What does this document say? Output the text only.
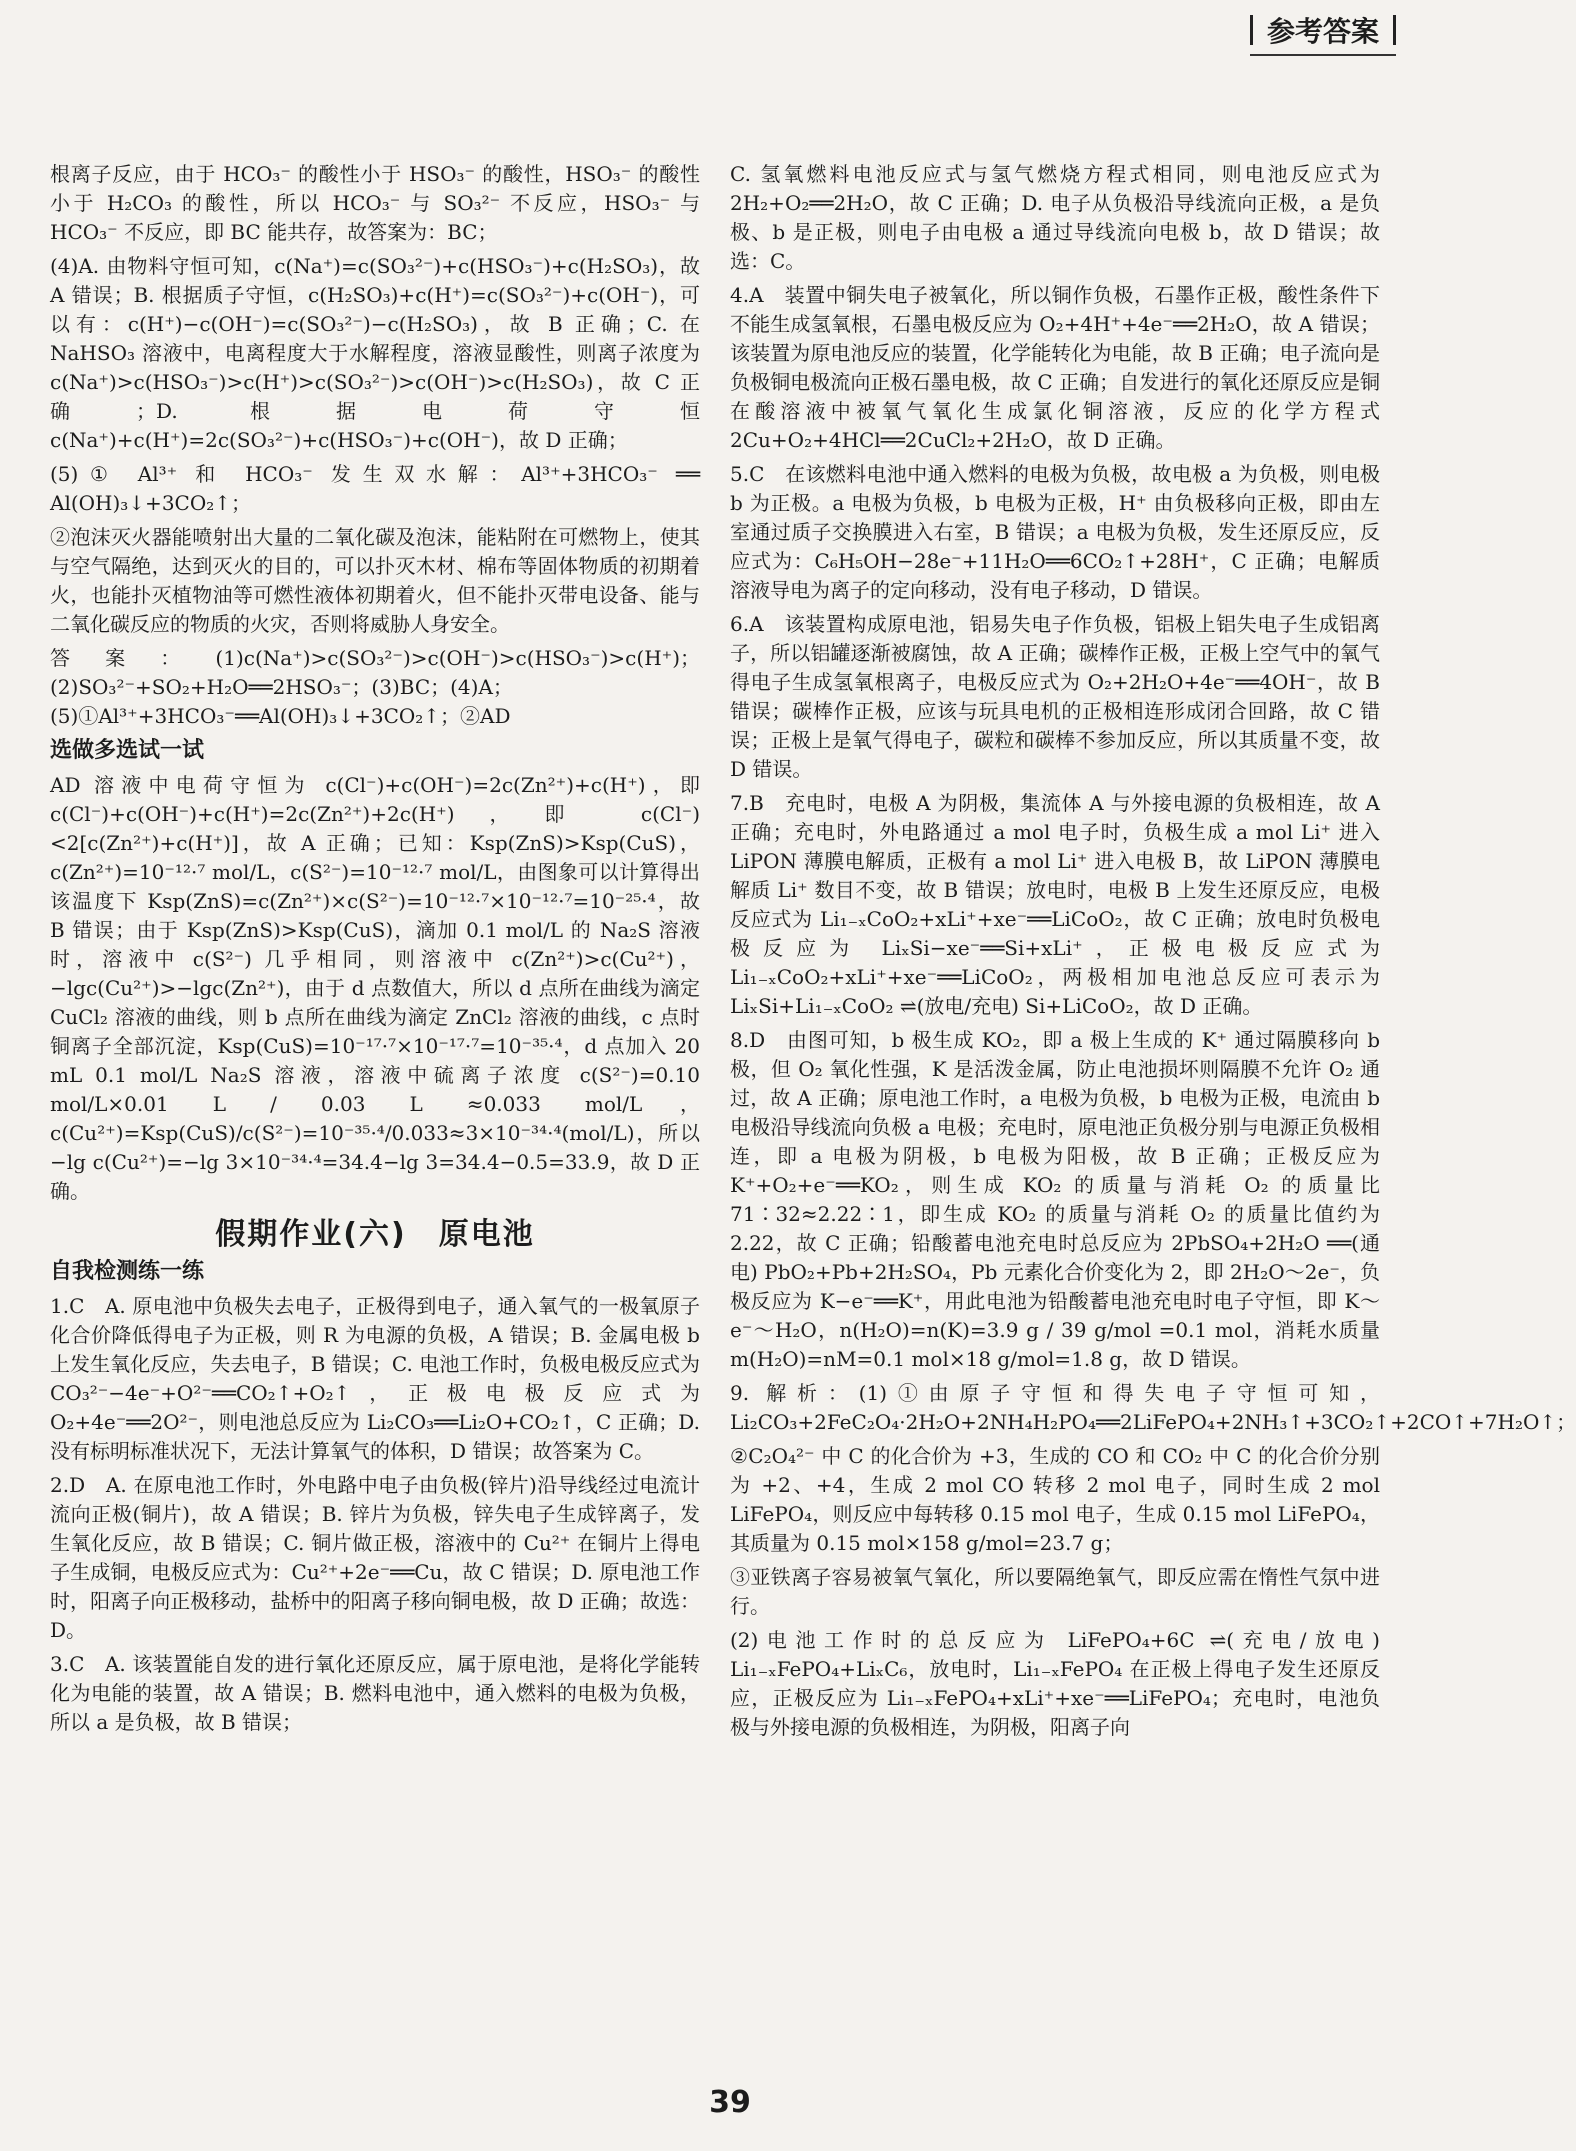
参考答案

根离子反应，由于 HCO₃⁻ 的酸性小于 HSO₃⁻ 的酸性，HSO₃⁻ 的酸性小于 H₂CO₃ 的酸性，所以 HCO₃⁻ 与 SO₃²⁻ 不反应，HSO₃⁻ 与 HCO₃⁻ 不反应，即 BC 能共存，故答案为：BC；

(4)A. 由物料守恒可知，c(Na⁺)=c(SO₃²⁻)+c(HSO₃⁻)+c(H₂SO₃)，故 A 错误；B. 根据质子守恒，c(H₂SO₃)+c(H⁺)=c(SO₃²⁻)+c(OH⁻)，可以有：c(H⁺)−c(OH⁻)=c(SO₃²⁻)−c(H₂SO₃)，故 B 正确；C. 在 NaHSO₃ 溶液中，电离程度大于水解程度，溶液显酸性，则离子浓度为 c(Na⁺)>c(HSO₃⁻)>c(H⁺)>c(SO₃²⁻)>c(OH⁻)>c(H₂SO₃)，故 C 正确；D. 根据电荷守恒 c(Na⁺)+c(H⁺)=2c(SO₃²⁻)+c(HSO₃⁻)+c(OH⁻)，故 D 正确；

(5)① Al³⁺ 和 HCO₃⁻ 发生双水解：Al³⁺+3HCO₃⁻ ══ Al(OH)₃↓+3CO₂↑；

②泡沫灭火器能喷射出大量的二氧化碳及泡沫，能粘附在可燃物上，使其与空气隔绝，达到灭火的目的，可以扑灭木材、棉布等固体物质的初期着火，也能扑灭植物油等可燃性液体初期着火，但不能扑灭带电设备、能与二氧化碳反应的物质的火灾，否则将威胁人身安全。

答案：(1)c(Na⁺)>c(SO₃²⁻)>c(OH⁻)>c(HSO₃⁻)>c(H⁺)；(2)SO₃²⁻+SO₂+H₂O══2HSO₃⁻；(3)BC；(4)A；(5)①Al³⁺+3HCO₃⁻══Al(OH)₃↓+3CO₂↑；②AD

选做多选试一试

AD 溶液中电荷守恒为 c(Cl⁻)+c(OH⁻)=2c(Zn²⁺)+c(H⁺)，即 c(Cl⁻)+c(OH⁻)+c(H⁺)=2c(Zn²⁺)+2c(H⁺)，即 c(Cl⁻)<2[c(Zn²⁺)+c(H⁺)]，故 A 正确；已知：Ksp(ZnS)>Ksp(CuS)，c(Zn²⁺)=10⁻¹²·⁷ mol/L，c(S²⁻)=10⁻¹²·⁷ mol/L，由图象可以计算得出该温度下 Ksp(ZnS)=c(Zn²⁺)×c(S²⁻)=10⁻¹²·⁷×10⁻¹²·⁷=10⁻²⁵·⁴，故 B 错误；由于 Ksp(ZnS)>Ksp(CuS)，滴加 0.1 mol/L 的 Na₂S 溶液时，溶液中 c(S²⁻) 几乎相同，则溶液中 c(Zn²⁺)>c(Cu²⁺)，−lgc(Cu²⁺)>−lgc(Zn²⁺)，由于 d 点数值大，所以 d 点所在曲线为滴定 CuCl₂ 溶液的曲线，则 b 点所在曲线为滴定 ZnCl₂ 溶液的曲线，c 点时铜离子全部沉淀，Ksp(CuS)=10⁻¹⁷·⁷×10⁻¹⁷·⁷=10⁻³⁵·⁴，d 点加入 20 mL 0.1 mol/L Na₂S 溶液，溶液中硫离子浓度 c(S²⁻)=0.10 mol/L×0.01 L / 0.03 L ≈0.033 mol/L，c(Cu²⁺)=Ksp(CuS)/c(S²⁻)=10⁻³⁵·⁴/0.033≈3×10⁻³⁴·⁴(mol/L)，所以 −lg c(Cu²⁺)=−lg 3×10⁻³⁴·⁴=34.4−lg 3=34.4−0.5=33.9，故 D 正确。

假期作业(六)　原电池
自我检测练一练

1.C　A. 原电池中负极失去电子，正极得到电子，通入氧气的一极氧原子化合价降低得电子为正极，则 R 为电源的负极，A 错误；B. 金属电极 b 上发生氧化反应，失去电子，B 错误；C. 电池工作时，负极电极反应式为 CO₃²⁻−4e⁻+O²⁻══CO₂↑+O₂↑，正极电极反应式为 O₂+4e⁻══2O²⁻，则电池总反应为 Li₂CO₃══Li₂O+CO₂↑，C 正确；D. 没有标明标准状况下，无法计算氧气的体积，D 错误；故答案为 C。

2.D　A. 在原电池工作时，外电路中电子由负极(锌片)沿导线经过电流计流向正极(铜片)，故 A 错误；B. 锌片为负极，锌失电子生成锌离子，发生氧化反应，故 B 错误；C. 铜片做正极，溶液中的 Cu²⁺ 在铜片上得电子生成铜，电极反应式为：Cu²⁺+2e⁻══Cu，故 C 错误；D. 原电池工作时，阳离子向正极移动，盐桥中的阳离子移向铜电极，故 D 正确；故选：D。

3.C　A. 该装置能自发的进行氧化还原反应，属于原电池，是将化学能转化为电能的装置，故 A 错误；B. 燃料电池中，通入燃料的电极为负极，所以 a 是负极，故 B 错误；

C. 氢氧燃料电池反应式与氢气燃烧方程式相同，则电池反应式为 2H₂+O₂══2H₂O，故 C 正确；D. 电子从负极沿导线流向正极，a 是负极、b 是正极，则电子由电极 a 通过导线流向电极 b，故 D 错误；故选：C。

4.A　装置中铜失电子被氧化，所以铜作负极，石墨作正极，酸性条件下不能生成氢氧根，石墨电极反应为 O₂+4H⁺+4e⁻══2H₂O，故 A 错误；该装置为原电池反应的装置，化学能转化为电能，故 B 正确；电子流向是负极铜电极流向正极石墨电极，故 C 正确；自发进行的氧化还原反应是铜在酸溶液中被氧气氧化生成氯化铜溶液，反应的化学方程式 2Cu+O₂+4HCl══2CuCl₂+2H₂O，故 D 正确。

5.C　在该燃料电池中通入燃料的电极为负极，故电极 a 为负极，则电极 b 为正极。a 电极为负极，b 电极为正极，H⁺ 由负极移向正极，即由左室通过质子交换膜进入右室，B 错误；a 电极为负极，发生还原反应，反应式为：C₆H₅OH−28e⁻+11H₂O══6CO₂↑+28H⁺，C 正确；电解质溶液导电为离子的定向移动，没有电子移动，D 错误。

6.A　该装置构成原电池，铝易失电子作负极，铝极上铝失电子生成铝离子，所以铝罐逐渐被腐蚀，故 A 正确；碳棒作正极，正极上空气中的氧气得电子生成氢氧根离子，电极反应式为 O₂+2H₂O+4e⁻══4OH⁻，故 B 错误；碳棒作正极，应该与玩具电机的正极相连形成闭合回路，故 C 错误；正极上是氧气得电子，碳粒和碳棒不参加反应，所以其质量不变，故 D 错误。

7.B　充电时，电极 A 为阴极，集流体 A 与外接电源的负极相连，故 A 正确；充电时，外电路通过 a mol 电子时，负极生成 a mol Li⁺ 进入 LiPON 薄膜电解质，正极有 a mol Li⁺ 进入电极 B，故 LiPON 薄膜电解质 Li⁺ 数目不变，故 B 错误；放电时，电极 B 上发生还原反应，电极反应式为 Li₁₋ₓCoO₂+xLi⁺+xe⁻══LiCoO₂，故 C 正确；放电时负极电极反应为 LiₓSi−xe⁻══Si+xLi⁺，正极电极反应式为 Li₁₋ₓCoO₂+xLi⁺+xe⁻══LiCoO₂，两极相加电池总反应可表示为 LiₓSi+Li₁₋ₓCoO₂ ⇌(放电/充电) Si+LiCoO₂，故 D 正确。

8.D　由图可知，b 极生成 KO₂，即 a 极上生成的 K⁺ 通过隔膜移向 b 极，但 O₂ 氧化性强，K 是活泼金属，防止电池损坏则隔膜不允许 O₂ 通过，故 A 正确；原电池工作时，a 电极为负极，b 电极为正极，电流由 b 电极沿导线流向负极 a 电极；充电时，原电池正负极分别与电源正负极相连，即 a 电极为阴极，b 电极为阳极，故 B 正确；正极反应为 K⁺+O₂+e⁻══KO₂，则生成 KO₂ 的质量与消耗 O₂ 的质量比 71∶32≈2.22∶1，即生成 KO₂ 的质量与消耗 O₂ 的质量比值约为 2.22，故 C 正确；铅酸蓄电池充电时总反应为 2PbSO₄+2H₂O ══(通电) PbO₂+Pb+2H₂SO₄，Pb 元素化合价变化为 2，即 2H₂O～2e⁻，负极反应为 K−e⁻══K⁺，用此电池为铅酸蓄电池充电时电子守恒，即 K～e⁻～H₂O，n(H₂O)=n(K)=3.9 g / 39 g/mol =0.1 mol，消耗水质量 m(H₂O)=nM=0.1 mol×18 g/mol=1.8 g，故 D 错误。

9. 解析：(1)①由原子守恒和得失电子守恒可知，Li₂CO₃+2FeC₂O₄·2H₂O+2NH₄H₂PO₄══2LiFePO₄+2NH₃↑+3CO₂↑+2CO↑+7H₂O↑；

②C₂O₄²⁻ 中 C 的化合价为 +3，生成的 CO 和 CO₂ 中 C 的化合价分别为 +2、+4，生成 2 mol CO 转移 2 mol 电子，同时生成 2 mol LiFePO₄，则反应中每转移 0.15 mol 电子，生成 0.15 mol LiFePO₄，其质量为 0.15 mol×158 g/mol=23.7 g；

③亚铁离子容易被氧气氧化，所以要隔绝氧气，即反应需在惰性气氛中进行。

(2)电池工作时的总反应为 LiFePO₄+6C ⇌(充电/放电) Li₁₋ₓFePO₄+LiₓC₆，放电时，Li₁₋ₓFePO₄ 在正极上得电子发生还原反应，正极反应为 Li₁₋ₓFePO₄+xLi⁺+xe⁻══LiFePO₄；充电时，电池负极与外接电源的负极相连，为阴极，阳离子向

39
